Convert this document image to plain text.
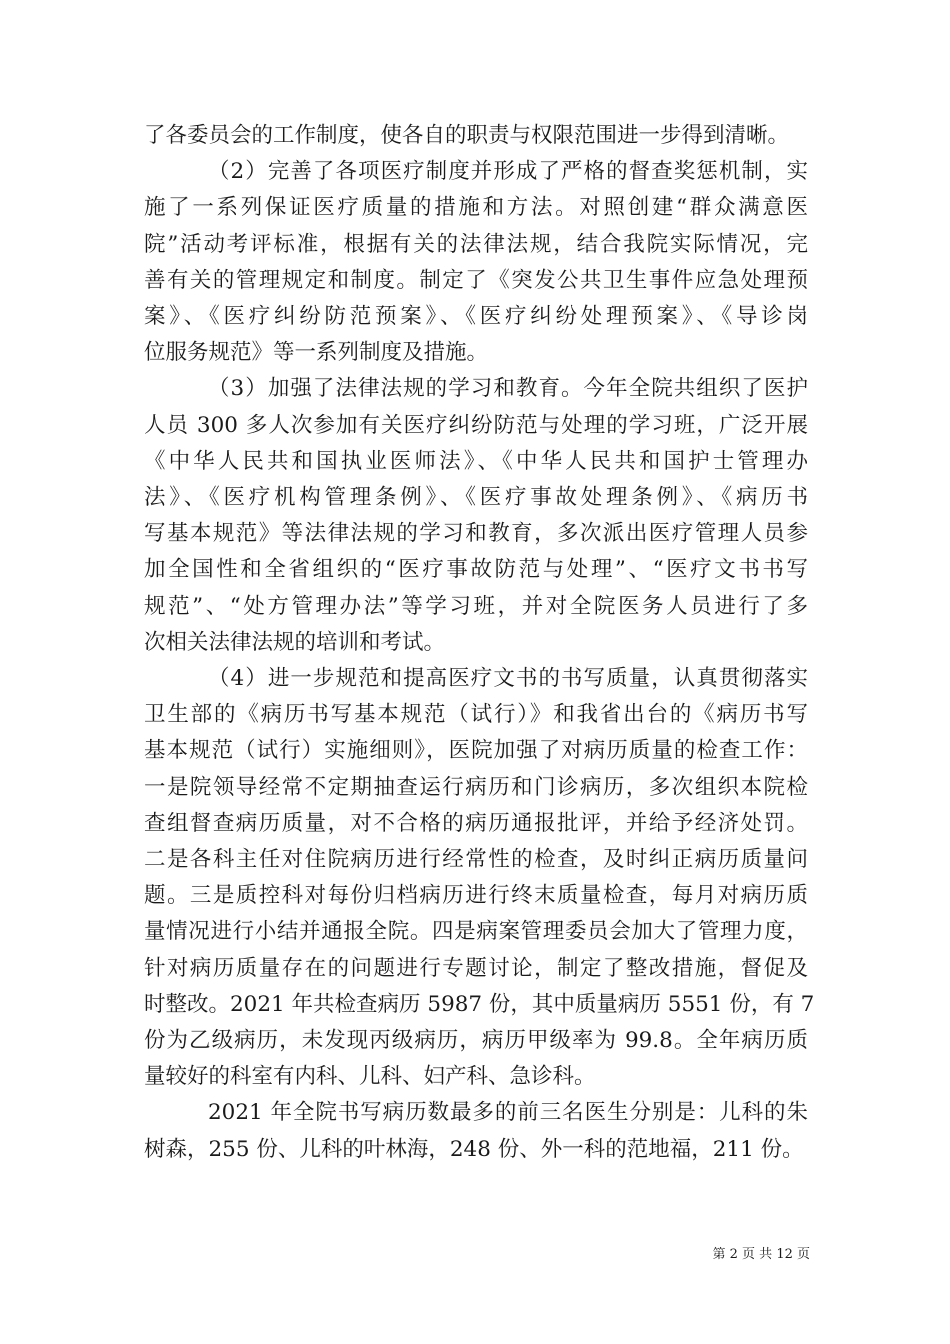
了各委员会的工作制度，使各自的职责与权限范围进一步得到清晰。
（2）完善了各项医疗制度并形成了严格的督查奖惩机制，实
施了一系列保证医疗质量的措施和方法。对照创建“群众满意医
院”活动考评标准，根据有关的法律法规，结合我院实际情况，完
善有关的管理规定和制度。制定了《突发公共卫生事件应急处理预
案》、《医疗纠纷防范预案》、《医疗纠纷处理预案》、《导诊岗
位服务规范》等一系列制度及措施。
（3）加强了法律法规的学习和教育。今年全院共组织了医护
人员 300 多人次参加有关医疗纠纷防范与处理的学习班，广泛开展
《中华人民共和国执业医师法》、《中华人民共和国护士管理办
法》、《医疗机构管理条例》、《医疗事故处理条例》、《病历书
写基本规范》等法律法规的学习和教育，多次派出医疗管理人员参
加全国性和全省组织的“医疗事故防范与处理”、“医疗文书书写
规范”、“处方管理办法”等学习班，并对全院医务人员进行了多
次相关法律法规的培训和考试。
（4）进一步规范和提高医疗文书的书写质量，认真贯彻落实
卫生部的《病历书写基本规范（试行）》和我省出台的《病历书写
基本规范（试行）实施细则》，医院加强了对病历质量的检查工作：
一是院领导经常不定期抽查运行病历和门诊病历，多次组织本院检
查组督查病历质量，对不合格的病历通报批评，并给予经济处罚。
二是各科主任对住院病历进行经常性的检查，及时纠正病历质量问
题。三是质控科对每份归档病历进行终末质量检查，每月对病历质
量情况进行小结并通报全院。四是病案管理委员会加大了管理力度，
针对病历质量存在的问题进行专题讨论，制定了整改措施，督促及
时整改。2021 年共检查病历 5987 份，其中质量病历 5551 份，有 7
份为乙级病历，未发现丙级病历，病历甲级率为 99.8。全年病历质
量较好的科室有内科、儿科、妇产科、急诊科。
2021 年全院书写病历数最多的前三名医生分别是：儿科的朱
树森，255 份、儿科的叶林海，248 份、外一科的范地福，211 份。
第 2 页 共 12 页
